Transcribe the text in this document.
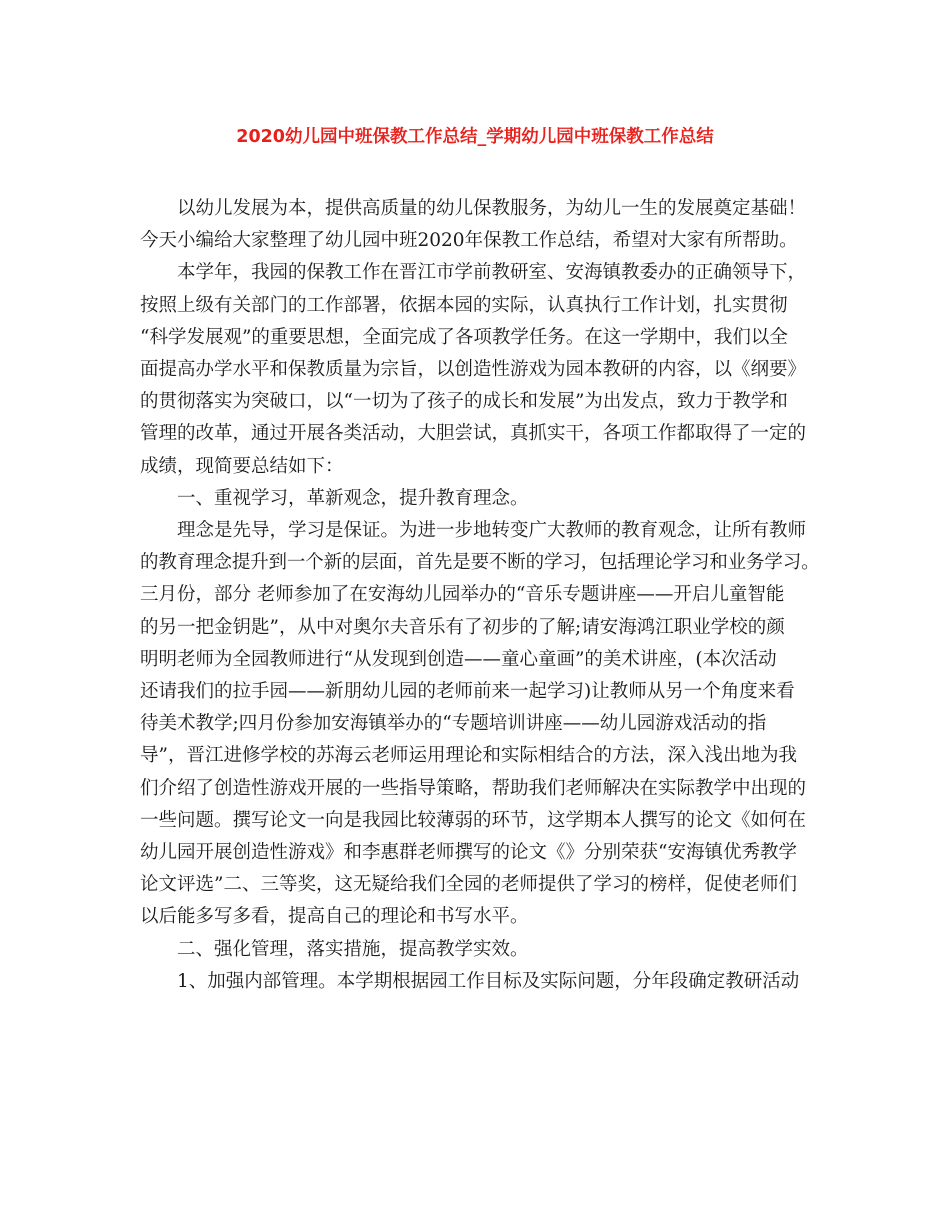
2020幼儿园中班保教工作总结_学期幼儿园中班保教工作总结
以幼儿发展为本，提供高质量的幼儿保教服务，为幼儿一生的发展奠定基础！
今天小编给大家整理了幼儿园中班2020年保教工作总结，希望对大家有所帮助。
本学年，我园的保教工作在晋江市学前教研室、安海镇教委办的正确领导下，
按照上级有关部门的工作部署，依据本园的实际，认真执行工作计划，扎实贯彻
“科学发展观”的重要思想，全面完成了各项教学任务。在这一学期中，我们以全
面提高办学水平和保教质量为宗旨，以创造性游戏为园本教研的内容，以《纲要》
的贯彻落实为突破口，以“一切为了孩子的成长和发展”为出发点，致力于教学和
管理的改革，通过开展各类活动，大胆尝试，真抓实干，各项工作都取得了一定的
成绩，现简要总结如下：
一、重视学习，革新观念，提升教育理念。
理念是先导，学习是保证。为进一步地转变广大教师的教育观念，让所有教师
的教育理念提升到一个新的层面，首先是要不断的学习，包括理论学习和业务学习。
三月份，部分 老师参加了在安海幼儿园举办的“音乐专题讲座——开启儿童智能
的另一把金钥匙”，从中对奥尔夫音乐有了初步的了解;请安海鸿江职业学校的颜
明明老师为全园教师进行“从发现到创造——童心童画”的美术讲座，(本次活动
还请我们的拉手园——新朋幼儿园的老师前来一起学习)让教师从另一个角度来看
待美术教学;四月份参加安海镇举办的“专题培训讲座——幼儿园游戏活动的指
导”，晋江进修学校的苏海云老师运用理论和实际相结合的方法，深入浅出地为我
们介绍了创造性游戏开展的一些指导策略，帮助我们老师解决在实际教学中出现的
一些问题。撰写论文一向是我园比较薄弱的环节，这学期本人撰写的论文《如何在
幼儿园开展创造性游戏》和李惠群老师撰写的论文《》分别荣获“安海镇优秀教学
论文评选”二、三等奖，这无疑给我们全园的老师提供了学习的榜样，促使老师们
以后能多写多看，提高自己的理论和书写水平。
二、强化管理，落实措施，提高教学实效。
1、加强内部管理。本学期根据园工作目标及实际问题，分年段确定教研活动
